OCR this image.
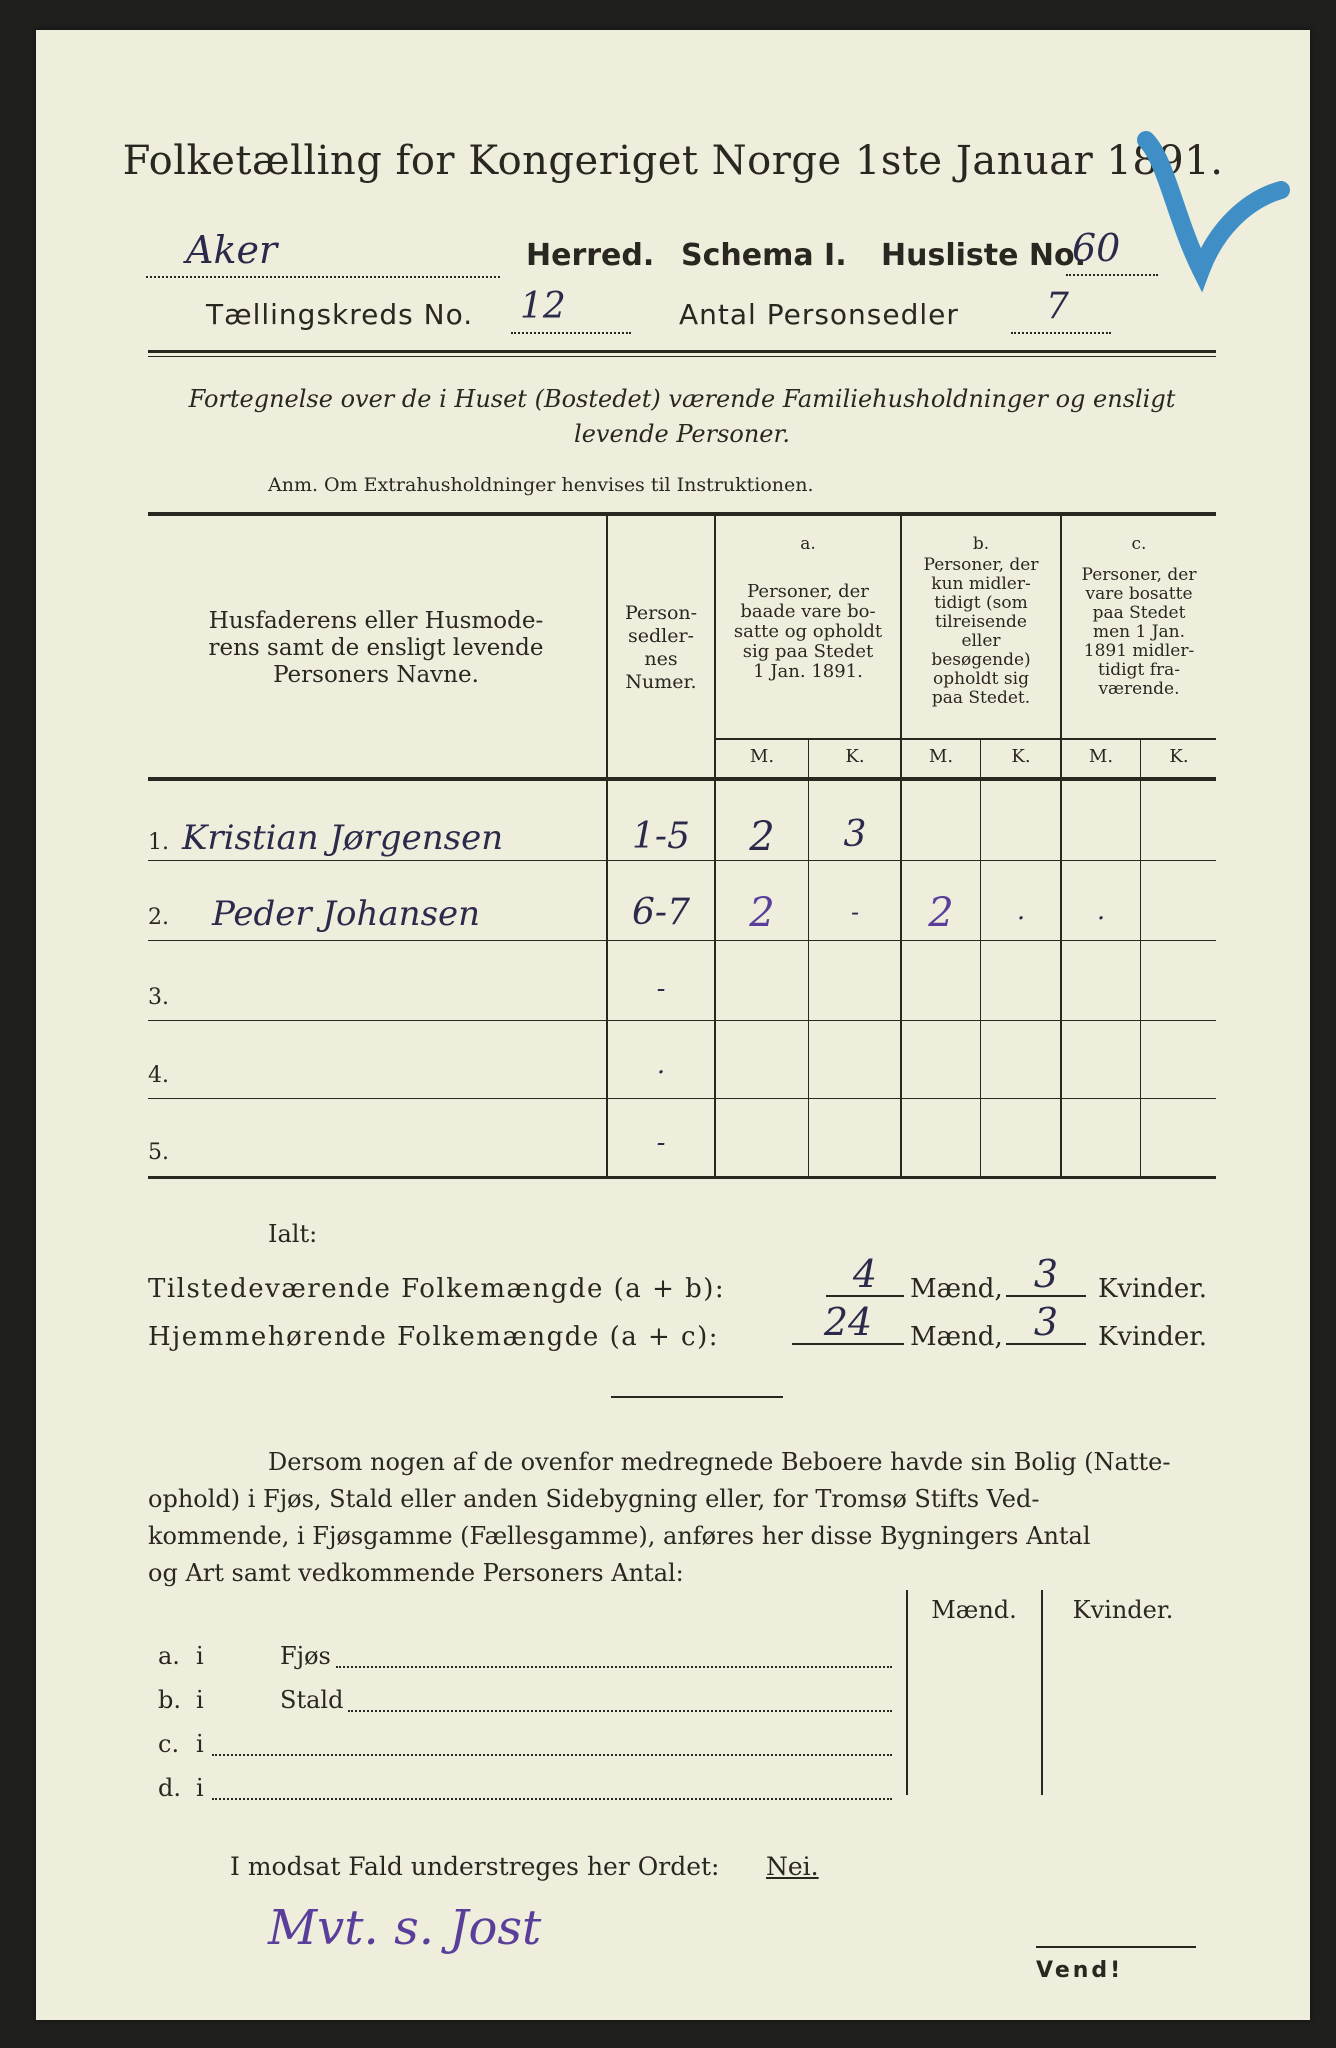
Folketælling for Kongeriget Norge 1ste Januar 1891.
Aker	Herred. Schema I. Husliste No.
60
Tællingskreds No. 12	Antal Personsedler 7
Fortegnelse over de i Huset (Bostedet) værende Familiehusholdninger og ensligt
levende Personer.
Anm. Om Extrahusholdninger henvises til Instruktionen.
Husfaderens eller Husmode-
rens samt de ensligt levende
Personers Navne.
Person-
sedler-
nes
Numer.
a.
Personer, der
baade vare bo-
satte og opholdt
sig paa Stedet
1 Jan. 1891.
b.
Personer, der
kun midler-
tidigt (som
tilreisende
eller
besøgende)
opholdt sig
paa Stedet.
c.
Personer, der
vare bosatte
paa Stedet
men 1 Jan.
1891 midler-
tidigt fra-
værende.
M.	K.	M.	K.	M.	K.
1. Kristian Jørgensen	1-5	2	3
2. Peder Johansen	6-7	2	-	2	.	.
3.	-
4.	.
5.	-
Ialt:
Tilstedeværende Folkemængde (a + b):	4	Mænd, 3	Kvinder.
Hjemmehørende Folkemængde (a + c):	24	Mænd, 3	Kvinder.
Dersom nogen af de ovenfor medregnede Beboere havde sin Bolig (Natte-
ophold) i Fjøs, Stald eller anden Sidebygning eller, for Tromsø Stifts Ved-
kommende, i Fjøsgamme (Fællesgamme), anføres her disse Bygningers Antal
og Art samt vedkommende Personers Antal:
Mænd.	Kvinder.
a. i	Fjøs
b. i	Stald
c. i
d. i
I modsat Fald understreges her Ordet: Nei.
Mvt. s. Jost
Vend!
